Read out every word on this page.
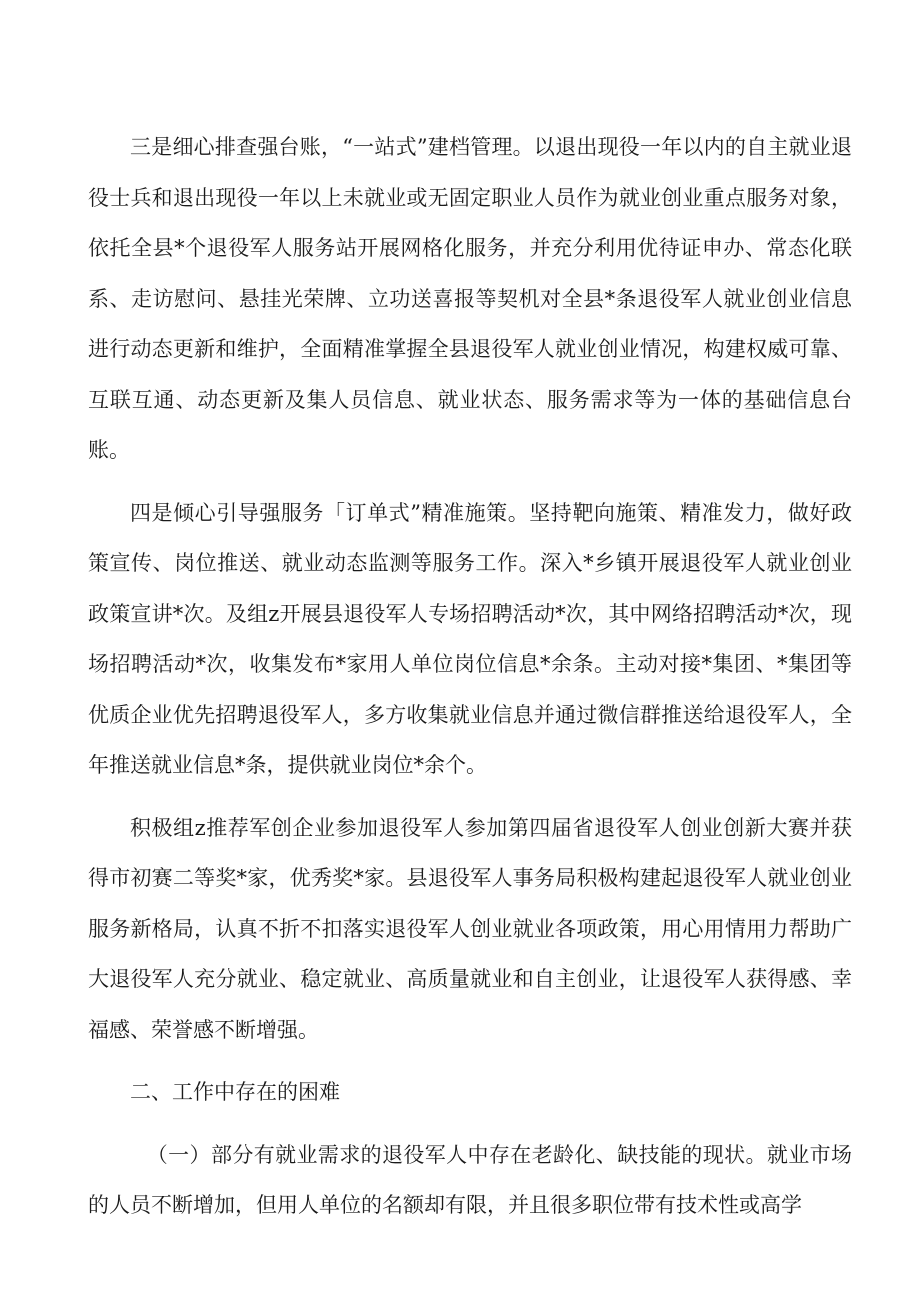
三是细心排查强台账，“一站式”建档管理。以退出现役一年以内的自主就业退役士兵和退出现役一年以上未就业或无固定职业人员作为就业创业重点服务对象，依托全县*个退役军人服务站开展网格化服务，并充分利用优待证申办、常态化联系、走访慰问、悬挂光荣牌、立功送喜报等契机对全县*条退役军人就业创业信息进行动态更新和维护，全面精准掌握全县退役军人就业创业情况，构建权威可靠、互联互通、动态更新及集人员信息、就业状态、服务需求等为一体的基础信息台账。

四是倾心引导强服务「订单式”精准施策。坚持靶向施策、精准发力，做好政策宣传、岗位推送、就业动态监测等服务工作。深入*乡镇开展退役军人就业创业政策宣讲*次。及组z开展县退役军人专场招聘活动*次，其中网络招聘活动*次，现场招聘活动*次，收集发布*家用人单位岗位信息*余条。主动对接*集团、*集团等优质企业优先招聘退役军人，多方收集就业信息并通过微信群推送给退役军人，全年推送就业信息*条，提供就业岗位*余个。

积极组z推荐军创企业参加退役军人参加第四届省退役军人创业创新大赛并获得市初赛二等奖*家，优秀奖*家。县退役军人事务局积极构建起退役军人就业创业服务新格局，认真不折不扣落实退役军人创业就业各项政策，用心用情用力帮助广大退役军人充分就业、稳定就业、高质量就业和自主创业，让退役军人获得感、幸福感、荣誉感不断增强。

二、工作中存在的困难

（一）部分有就业需求的退役军人中存在老龄化、缺技能的现状。就业市场的人员不断增加，但用人单位的名额却有限，并且很多职位带有技术性或高学
